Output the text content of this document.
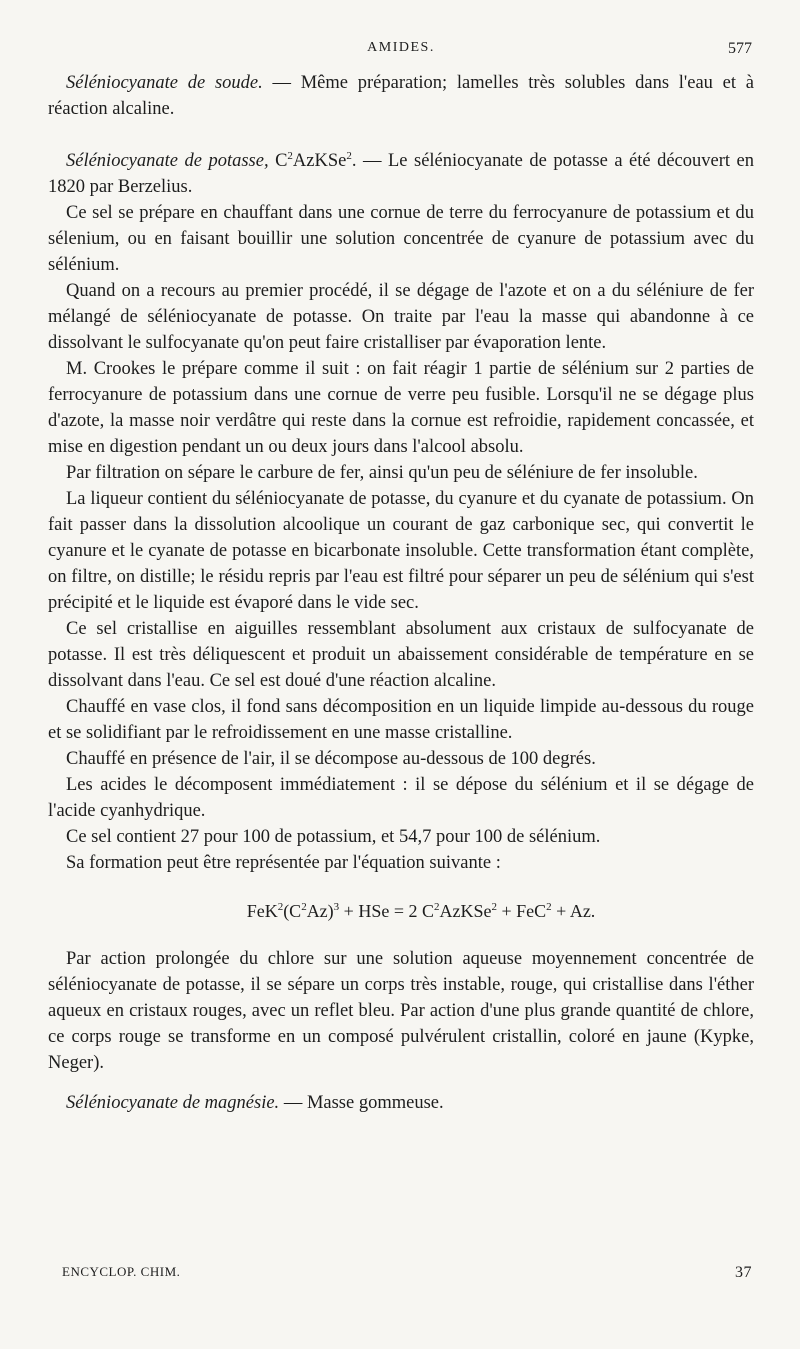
AMIDES.	577

Séléniocyanate de soude. — Même préparation; lamelles très solubles dans l'eau et à réaction alcaline.

Séléniocyanate de potasse, $C^2AzKSe^2$. — Le séléniocyanate de potasse a été découvert en 1820 par Berzelius.

Ce sel se prépare en chauffant dans une cornue de terre du ferrocyanure de potassium et du sélenium, ou en faisant bouillir une solution concentrée de cyanure de potassium avec du sélénium.

Quand on a recours au premier procédé, il se dégage de l'azote et on a du séléniure de fer mélangé de séléniocyanate de potasse. On traite par l'eau la masse qui abandonne à ce dissolvant le sulfocyanate qu'on peut faire cristalliser par évaporation lente.

M. Crookes le prépare comme il suit : on fait réagir 1 partie de sélénium sur 2 parties de ferrocyanure de potassium dans une cornue de verre peu fusible. Lorsqu'il ne se dégage plus d'azote, la masse noir verdâtre qui reste dans la cornue est refroidie, rapidement concassée, et mise en digestion pendant un ou deux jours dans l'alcool absolu.

Par filtration on sépare le carbure de fer, ainsi qu'un peu de séléniure de fer insoluble.

La liqueur contient du séléniocyanate de potasse, du cyanure et du cyanate de potassium. On fait passer dans la dissolution alcoolique un courant de gaz carbonique sec, qui convertit le cyanure et le cyanate de potasse en bicarbonate insoluble. Cette transformation étant complète, on filtre, on distille; le résidu repris par l'eau est filtré pour séparer un peu de sélénium qui s'est précipité et le liquide est évaporé dans le vide sec.

Ce sel cristallise en aiguilles ressemblant absolument aux cristaux de sulfocyanate de potasse. Il est très déliquescent et produit un abaissement considérable de température en se dissolvant dans l'eau. Ce sel est doué d'une réaction alcaline.

Chauffé en vase clos, il fond sans décomposition en un liquide limpide au-dessous du rouge et se solidifiant par le refroidissement en une masse cristalline.

Chauffé en présence de l'air, il se décompose au-dessous de 100 degrés.

Les acides le décomposent immédiatement : il se dépose du sélénium et il se dégage de l'acide cyanhydrique.

Ce sel contient 27 pour 100 de potassium, et 54,7 pour 100 de sélénium.

Sa formation peut être représentée par l'équation suivante :

$FeK^2(C^2Az)^3$ + HSe = 2 $C^2AzKSe^2 + FeC^2 + Az$.

Par action prolongée du chlore sur une solution aqueuse moyennement concentrée de séléniocyanate de potasse, il se sépare un corps très instable, rouge, qui cristallise dans l'éther aqueux en cristaux rouges, avec un reflet bleu. Par action d'une plus grande quantité de chlore, ce corps rouge se transforme en un composé pulvérulent cristallin, coloré en jaune (Kypke, Neger).

Séléniocyanate de magnésie. — Masse gommeuse.

ENCYCLOP. CHIM.	37
